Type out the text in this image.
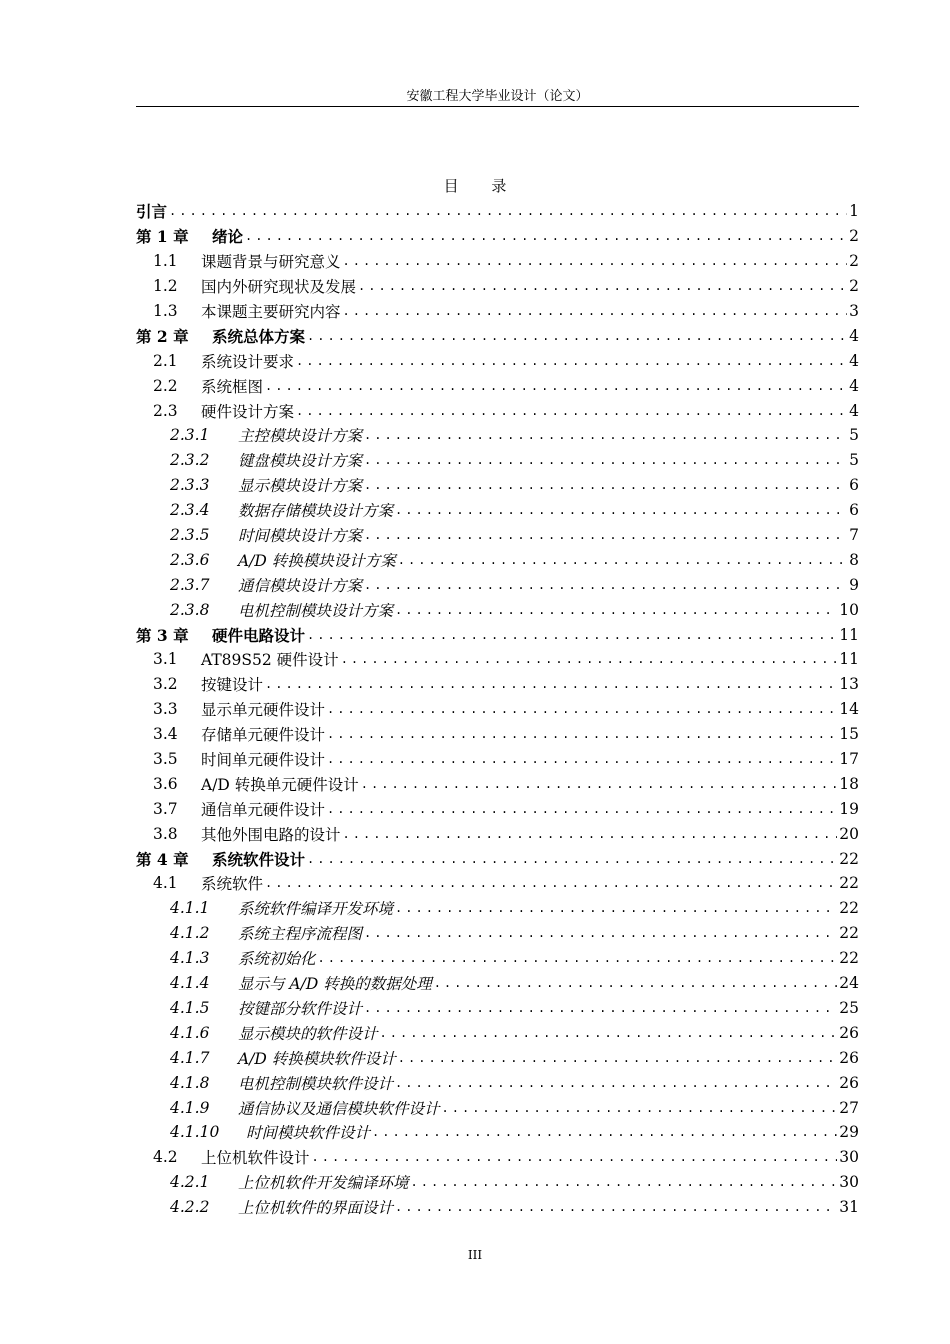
安徽工程大学毕业设计（论文）
目 录
引言 .....	1
第 1 章	绪论 .....	2
1.1	课题背景与研究意义 .....	2
1.2	国内外研究现状及发展 .....	2
1.3	本课题主要研究内容 .....	3
第 2 章	系统总体方案 .....	4
2.1	系统设计要求 .....	4
2.2	系统框图 .....	4
2.3	硬件设计方案 .....	4
2.3.1	主控模块设计方案 .....	5
2.3.2	键盘模块设计方案 .....	5
2.3.3	显示模块设计方案 .....	6
2.3.4	数据存储模块设计方案 .....	6
2.3.5	时间模块设计方案 .....	7
2.3.6	A/D 转换模块设计方案 .....	8
2.3.7	通信模块设计方案 .....	9
2.3.8	电机控制模块设计方案 .....	10
第 3 章	硬件电路设计 .....	11
3.1	AT89S52 硬件设计 .....	11
3.2	按键设计 .....	13
3.3	显示单元硬件设计 .....	14
3.4	存储单元硬件设计 .....	15
3.5	时间单元硬件设计 .....	17
3.6	A/D 转换单元硬件设计 .....	18
3.7	通信单元硬件设计 .....	19
3.8	其他外围电路的设计 .....	20
第 4 章	系统软件设计 .....	22
4.1	系统软件 .....	22
4.1.1	系统软件编译开发环境 .....	22
4.1.2	系统主程序流程图 .....	22
4.1.3	系统初始化 .....	22
4.1.4	显示与 A/D 转换的数据处理 .....	24
4.1.5	按键部分软件设计 .....	25
4.1.6	显示模块的软件设计 .....	26
4.1.7	A/D 转换模块软件设计 .....	26
4.1.8	电机控制模块软件设计 .....	26
4.1.9	通信协议及通信模块软件设计 .....	27
4.1.10	时间模块软件设计 .....	29
4.2	上位机软件设计 .....	30
4.2.1	上位机软件开发编译环境 .....	30
4.2.2	上位机软件的界面设计 .....	31
III
